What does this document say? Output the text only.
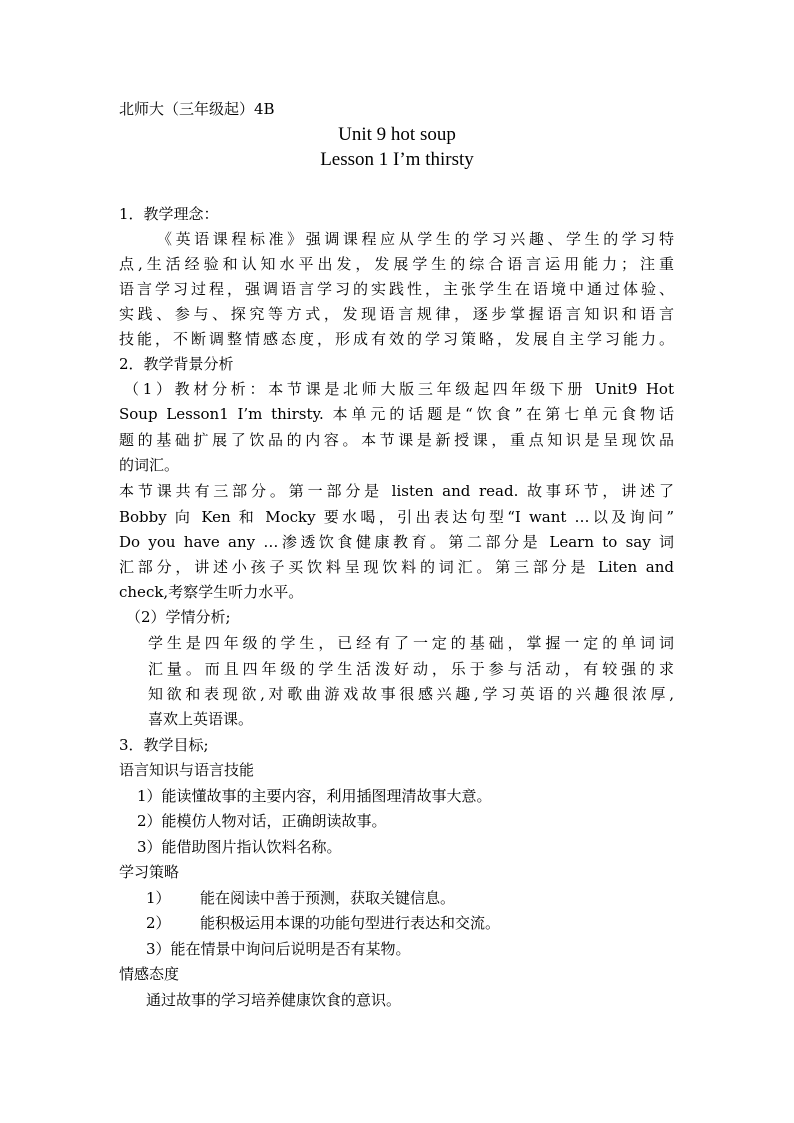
北师大（三年级起）4B
Unit 9 hot soup
Lesson 1 I’m thirsty
1．教学理念：
《英语课程标准》强调课程应从学生的学习兴趣、学生的学习特
点,生活经验和认知水平出发，发展学生的综合语言运用能力；注重
语言学习过程，强调语言学习的实践性，主张学生在语境中通过体验、
实践、参与、探究等方式，发现语言规律，逐步掌握语言知识和语言
技能，不断调整情感态度，形成有效的学习策略，发展自主学习能力。
2．教学背景分析
（1）教材分析：本节课是北师大版三年级起四年级下册 Unit9 Hot
Soup Lesson1 I’m thirsty. 本单元的话题是“饮食”在第七单元食物话
题的基础扩展了饮品的内容。本节课是新授课，重点知识是呈现饮品
的词汇。
本节课共有三部分。第一部分是 listen and read. 故事环节，讲述了
Bobby 向 Ken 和 Mocky 要水喝，引出表达句型“I want …以及询问”
Do you have any …渗透饮食健康教育。第二部分是 Learn to say 词
汇部分，讲述小孩子买饮料呈现饮料的词汇。第三部分是 Liten and
check,考察学生听力水平。
（2）学情分析;
学生是四年级的学生，已经有了一定的基础，掌握一定的单词词
汇量。而且四年级的学生活泼好动，乐于参与活动，有较强的求
知欲和表现欲,对歌曲游戏故事很感兴趣,学习英语的兴趣很浓厚,
喜欢上英语课。
3．教学目标;
语言知识与语言技能
1）能读懂故事的主要内容，利用插图理清故事大意。
2）能模仿人物对话，正确朗读故事。
3）能借助图片指认饮料名称。
学习策略
1） 能在阅读中善于预测，获取关键信息。
2） 能积极运用本课的功能句型进行表达和交流。
3）能在情景中询问后说明是否有某物。
情感态度
通过故事的学习培养健康饮食的意识。
